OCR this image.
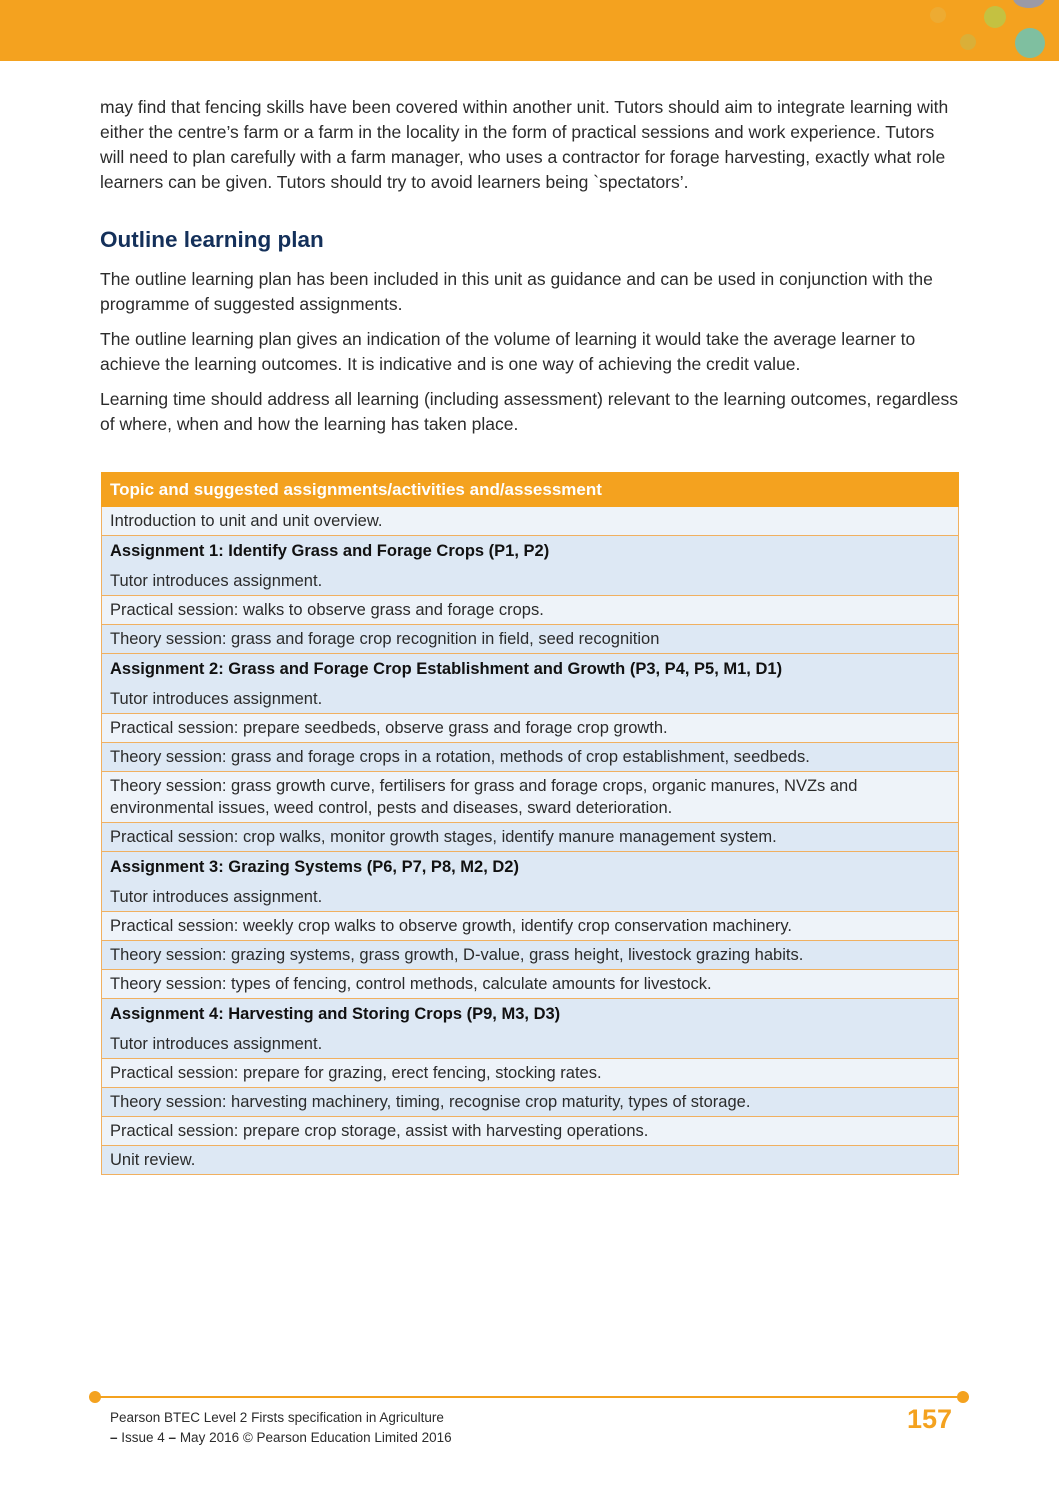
may find that fencing skills have been covered within another unit. Tutors should aim to integrate learning with either the centre’s farm or a farm in the locality in the form of practical sessions and work experience. Tutors will need to plan carefully with a farm manager, who uses a contractor for forage harvesting, exactly what role learners can be given. Tutors should try to avoid learners being `spectators’.

Outline learning plan

The outline learning plan has been included in this unit as guidance and can be used in conjunction with the programme of suggested assignments.

The outline learning plan gives an indication of the volume of learning it would take the average learner to achieve the learning outcomes. It is indicative and is one way of achieving the credit value.

Learning time should address all learning (including assessment) relevant to the learning outcomes, regardless of where, when and how the learning has taken place.

Topic and suggested assignments/activities and/assessment
Introduction to unit and unit overview.
Assignment 1: Identify Grass and Forage Crops (P1, P2)
Tutor introduces assignment.
Practical session: walks to observe grass and forage crops.
Theory session: grass and forage crop recognition in field, seed recognition
Assignment 2: Grass and Forage Crop Establishment and Growth (P3, P4, P5, M1, D1)
Tutor introduces assignment.
Practical session: prepare seedbeds, observe grass and forage crop growth.
Theory session: grass and forage crops in a rotation, methods of crop establishment, seedbeds.
Theory session: grass growth curve, fertilisers for grass and forage crops, organic manures, NVZs and environmental issues, weed control, pests and diseases, sward deterioration.
Practical session: crop walks, monitor growth stages, identify manure management system.
Assignment 3: Grazing Systems (P6, P7, P8, M2, D2)
Tutor introduces assignment.
Practical session: weekly crop walks to observe growth, identify crop conservation machinery.
Theory session: grazing systems, grass growth, D-value, grass height, livestock grazing habits.
Theory session: types of fencing, control methods, calculate amounts for livestock.
Assignment 4: Harvesting and Storing Crops (P9, M3, D3)
Tutor introduces assignment.
Practical session: prepare for grazing, erect fencing, stocking rates.
Theory session: harvesting machinery, timing, recognise crop maturity, types of storage.
Practical session: prepare crop storage, assist with harvesting operations.
Unit review.
Pearson BTEC Level 2 Firsts specification in Agriculture
– Issue 4 – May 2016 © Pearson Education Limited 2016
157
